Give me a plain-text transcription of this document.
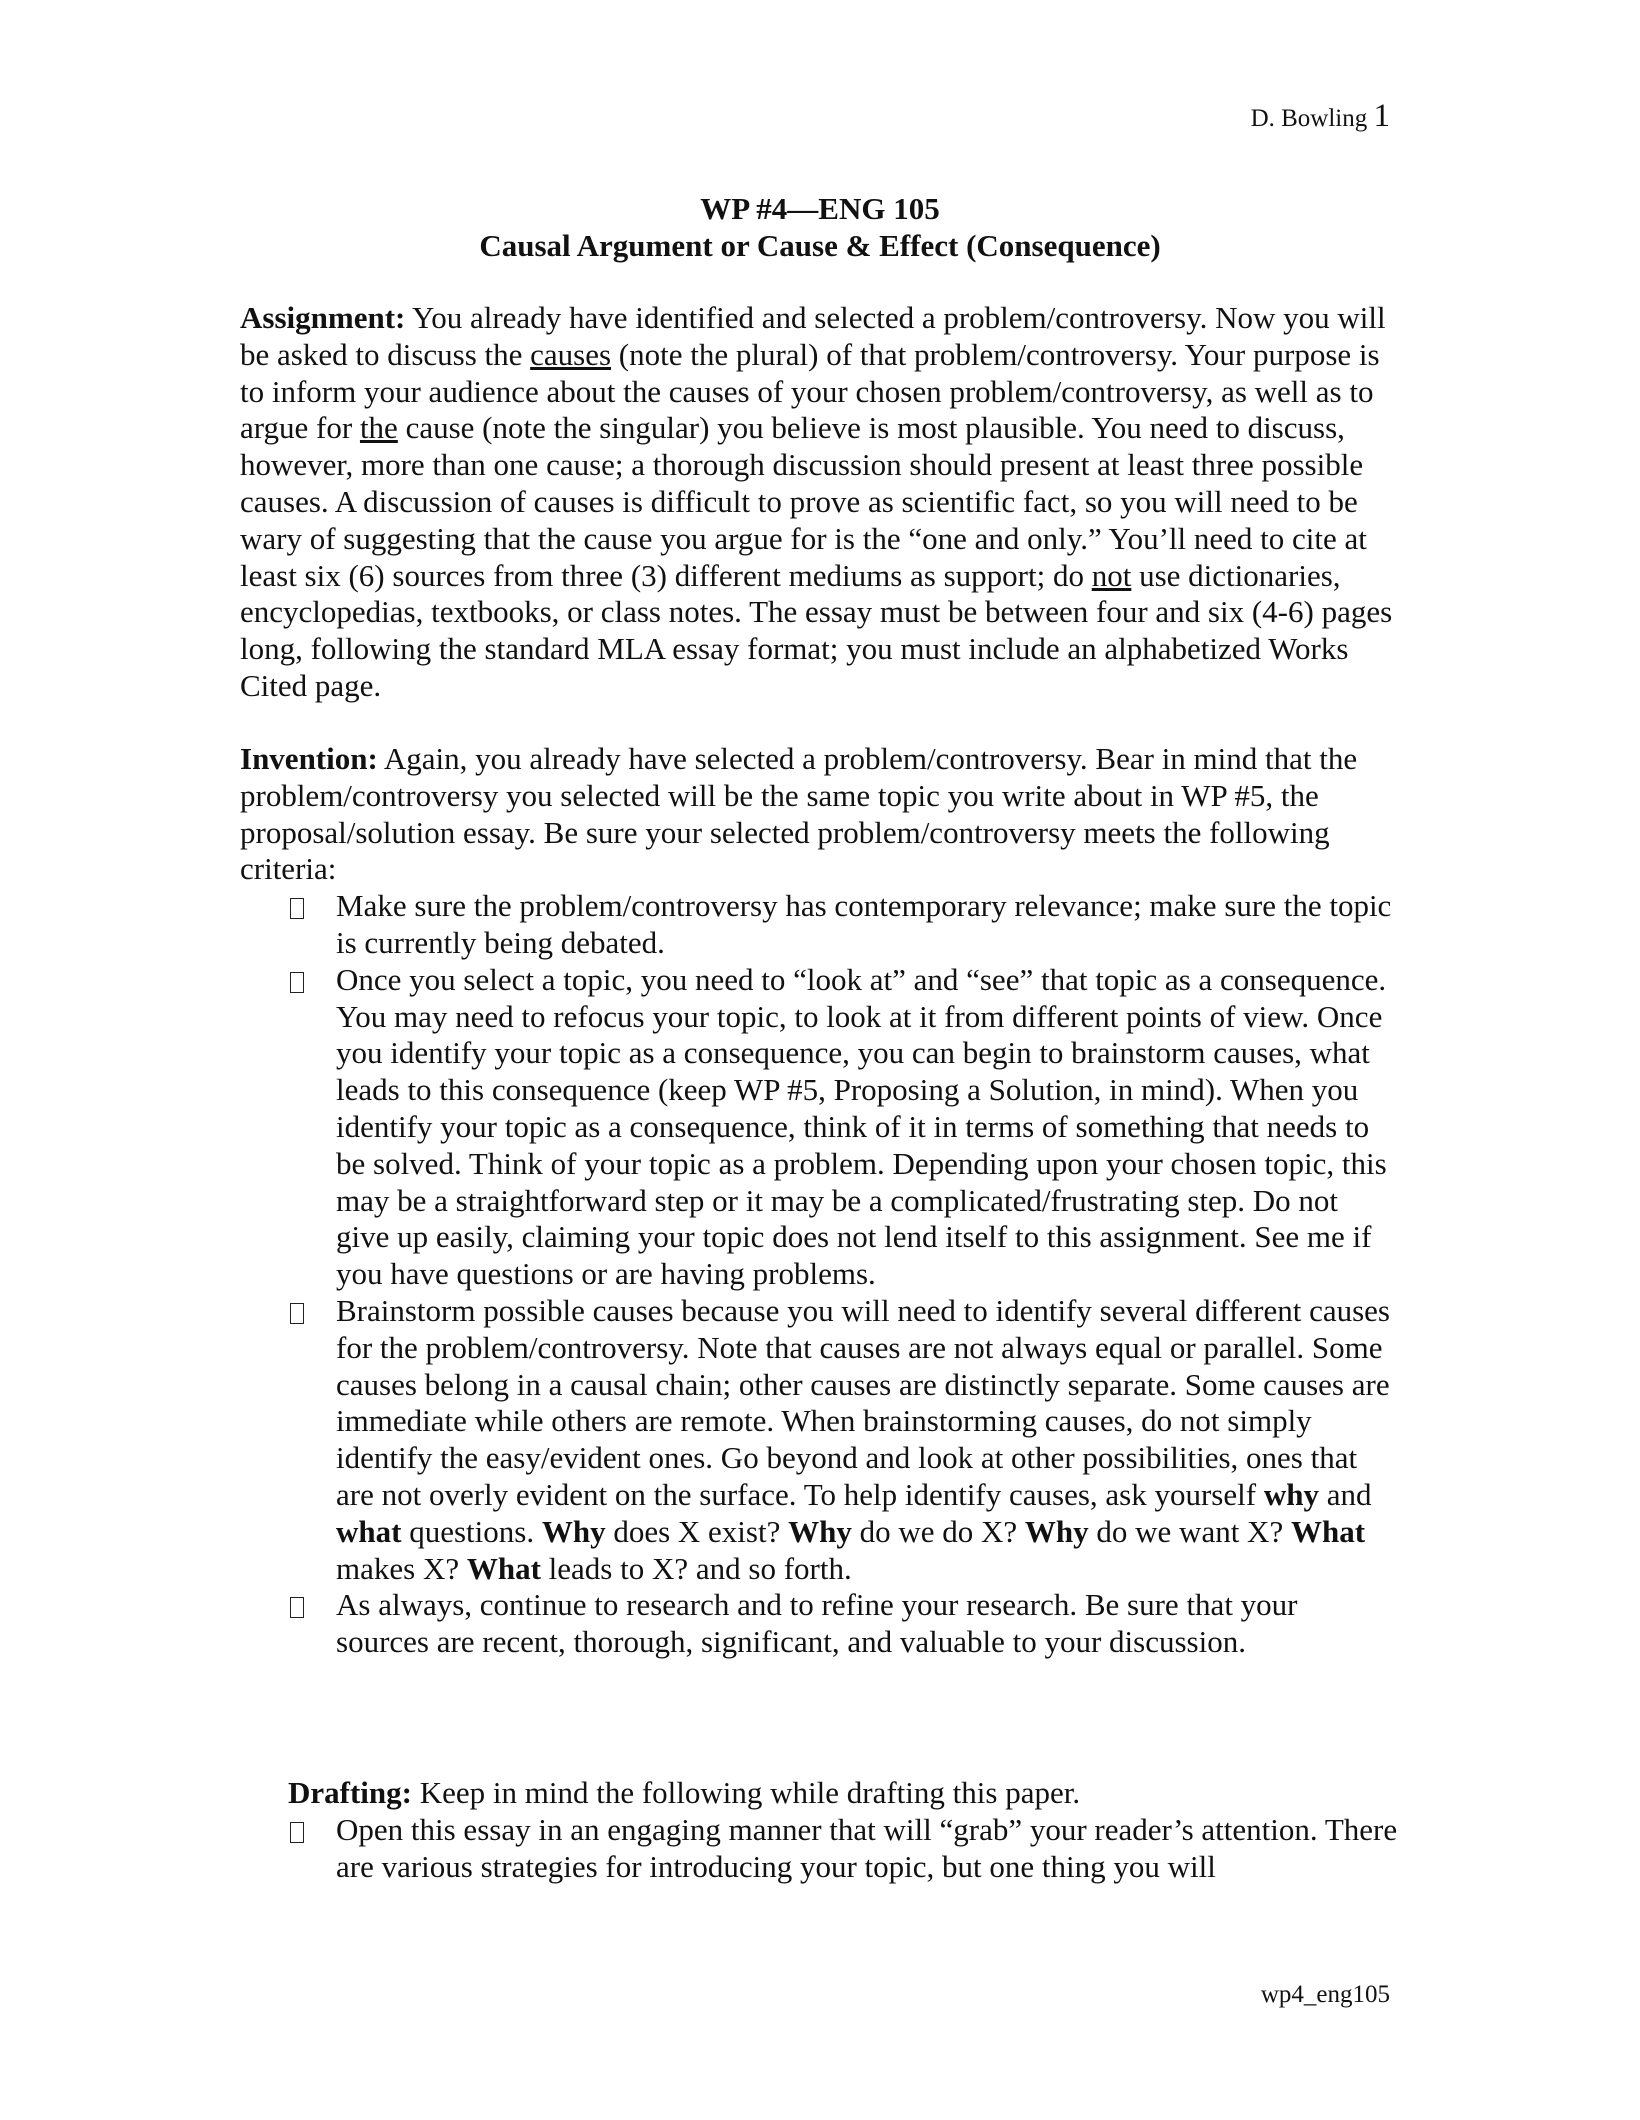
D. Bowling 1
WP #4—ENG 105
Causal Argument or Cause & Effect (Consequence)
Assignment: You already have identified and selected a problem/controversy. Now you will be asked to discuss the causes (note the plural) of that problem/controversy. Your purpose is to inform your audience about the causes of your chosen problem/controversy, as well as to argue for the cause (note the singular) you believe is most plausible. You need to discuss, however, more than one cause; a thorough discussion should present at least three possible causes. A discussion of causes is difficult to prove as scientific fact, so you will need to be wary of suggesting that the cause you argue for is the “one and only.” You’ll need to cite at least six (6) sources from three (3) different mediums as support; do not use dictionaries, encyclopedias, textbooks, or class notes. The essay must be between four and six (4-6) pages long, following the standard MLA essay format; you must include an alphabetized Works Cited page.
Invention: Again, you already have selected a problem/controversy. Bear in mind that the problem/controversy you selected will be the same topic you write about in WP #5, the proposal/solution essay. Be sure your selected problem/controversy meets the following criteria:
Make sure the problem/controversy has contemporary relevance; make sure the topic is currently being debated.
Once you select a topic, you need to “look at” and “see” that topic as a consequence. You may need to refocus your topic, to look at it from different points of view. Once you identify your topic as a consequence, you can begin to brainstorm causes, what leads to this consequence (keep WP #5, Proposing a Solution, in mind). When you identify your topic as a consequence, think of it in terms of something that needs to be solved. Think of your topic as a problem. Depending upon your chosen topic, this may be a straightforward step or it may be a complicated/frustrating step. Do not give up easily, claiming your topic does not lend itself to this assignment. See me if you have questions or are having problems.
Brainstorm possible causes because you will need to identify several different causes for the problem/controversy. Note that causes are not always equal or parallel. Some causes belong in a causal chain; other causes are distinctly separate. Some causes are immediate while others are remote. When brainstorming causes, do not simply identify the easy/evident ones. Go beyond and look at other possibilities, ones that are not overly evident on the surface. To help identify causes, ask yourself why and what questions. Why does X exist? Why do we do X? Why do we want X? What makes X? What leads to X? and so forth.
As always, continue to research and to refine your research. Be sure that your sources are recent, thorough, significant, and valuable to your discussion.
Drafting: Keep in mind the following while drafting this paper.
Open this essay in an engaging manner that will “grab” your reader’s attention. There are various strategies for introducing your topic, but one thing you will
wp4_eng105
